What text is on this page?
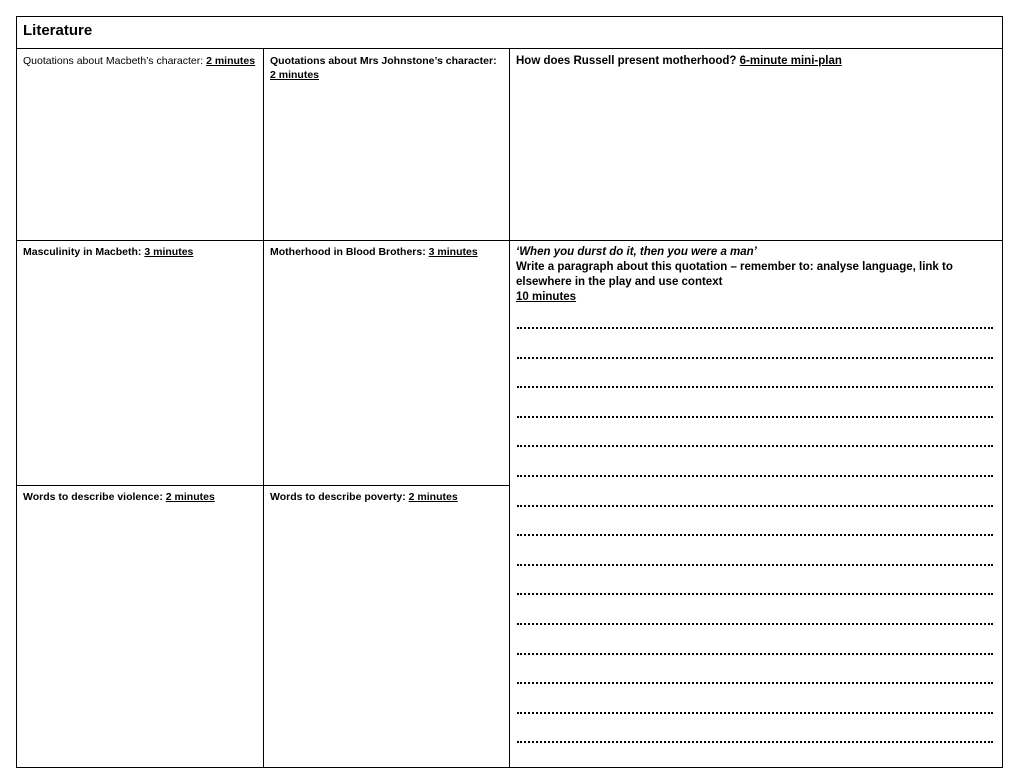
Literature
Quotations about Macbeth’s character: 2 minutes	Quotations about Mrs Johnstone’s character: 2 minutes
How does Russell present motherhood? 6-minute mini-plan
Masculinity in Macbeth: 3 minutes	Motherhood in Blood Brothers: 3 minutes
Words to describe violence: 2 minutes	Words to describe poverty: 2 minutes
‘When you durst do it, then you were a man’
Write a paragraph about this quotation – remember to: analyse language, link to elsewhere in the play and use context
10 minutes
